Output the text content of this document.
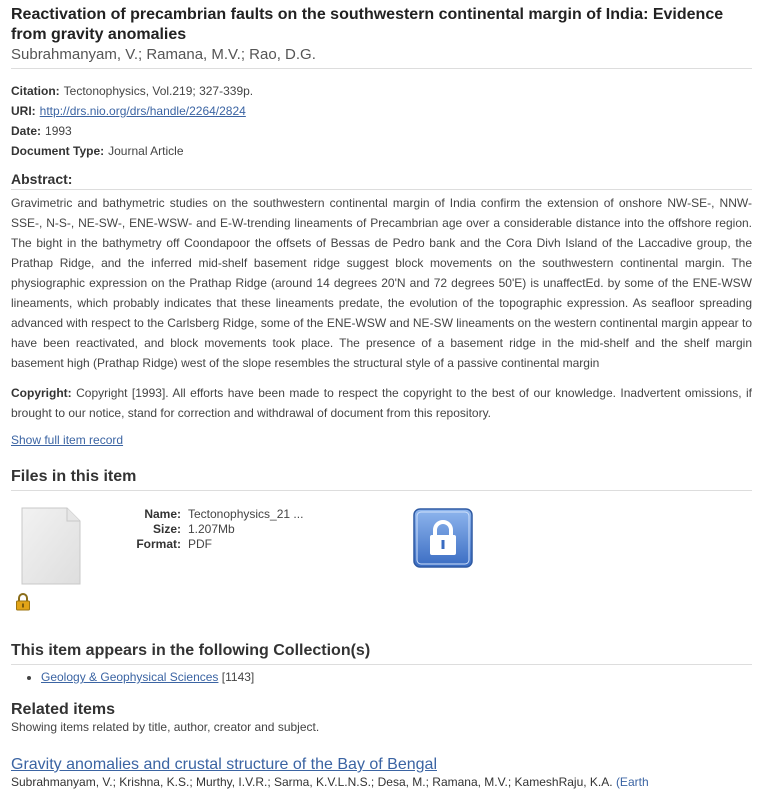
Reactivation of precambrian faults on the southwestern continental margin of India: Evidence from gravity anomalies
Subrahmanyam, V.; Ramana, M.V.; Rao, D.G.
Citation: Tectonophysics, Vol.219; 327-339p.
URI: http://drs.nio.org/drs/handle/2264/2824
Date: 1993
Document Type: Journal Article
Abstract:
Gravimetric and bathymetric studies on the southwestern continental margin of India confirm the extension of onshore NW-SE-, NNW-SSE-, N-S-, NE-SW-, ENE-WSW- and E-W-trending lineaments of Precambrian age over a considerable distance into the offshore region. The bight in the bathymetry off Coondapoor the offsets of Bessas de Pedro bank and the Cora Divh Island of the Laccadive group, the Prathap Ridge, and the inferred mid-shelf basement ridge suggest block movements on the southwestern continental margin. The physiographic expression on the Prathap Ridge (around 14 degrees 20'N and 72 degrees 50'E) is unaffectEd. by some of the ENE-WSW lineaments, which probably indicates that these lineaments predate, the evolution of the topographic expression. As seafloor spreading advanced with respect to the Carlsberg Ridge, some of the ENE-WSW and NE-SW lineaments on the western continental margin appear to have been reactivated, and block movements took place. The presence of a basement ridge in the mid-shelf and the shelf margin basement high (Prathap Ridge) west of the slope resembles the structural style of a passive continental margin
Copyright: Copyright [1993]. All efforts have been made to respect the copyright to the best of our knowledge. Inadvertent omissions, if brought to our notice, stand for correction and withdrawal of document from this repository.
Show full item record
Files in this item
Name: Tectonophysics_21 ...
Size: 1.207Mb
Format: PDF
This item appears in the following Collection(s)
• Geology & Geophysical Sciences [1143]
Related items
Showing items related by title, author, creator and subject.
Gravity anomalies and crustal structure of the Bay of Bengal
Subrahmanyam, V.; Krishna, K.S.; Murthy, I.V.R.; Sarma, K.V.L.N.S.; Desa, M.; Ramana, M.V.; KameshRaju, K.A. (Earth
